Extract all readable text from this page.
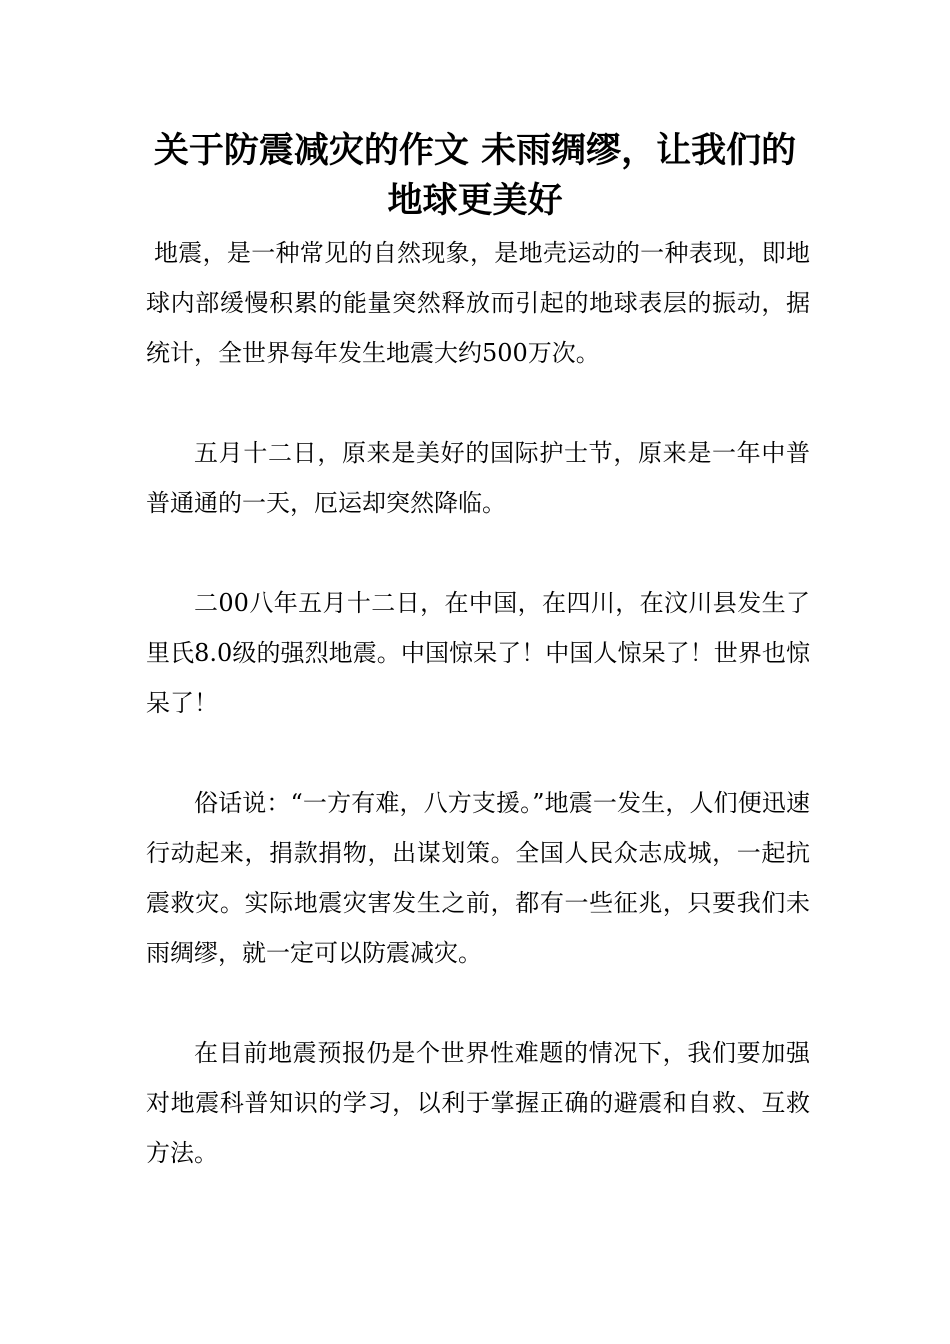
关于防震减灾的作文 未雨绸缪，让我们的地球更美好

地震，是一种常见的自然现象，是地壳运动的一种表现，即地球内部缓慢积累的能量突然释放而引起的地球表层的振动，据统计，全世界每年发生地震大约500万次。

五月十二日，原来是美好的国际护士节，原来是一年中普普通通的一天，厄运却突然降临。

二00八年五月十二日，在中国，在四川，在汶川县发生了里氏8.0级的强烈地震。中国惊呆了！中国人惊呆了！世界也惊呆了！

俗话说：“一方有难，八方支援。”地震一发生，人们便迅速行动起来，捐款捐物，出谋划策。全国人民众志成城，一起抗震救灾。实际地震灾害发生之前，都有一些征兆，只要我们未雨绸缪，就一定可以防震减灾。

在目前地震预报仍是个世界性难题的情况下，我们要加强对地震科普知识的学习，以利于掌握正确的避震和自救、互救方法。
